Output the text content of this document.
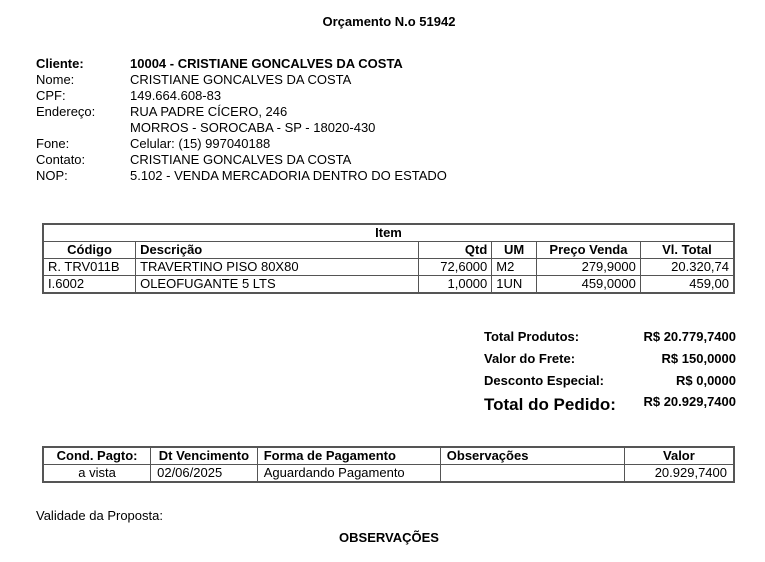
Orçamento N.o 51942
Cliente:	10004 - CRISTIANE GONCALVES DA COSTA
Nome:	CRISTIANE GONCALVES DA COSTA
CPF:	149.664.608-83
Endereço:	RUA PADRE CÍCERO, 246
MORROS - SOROCABA - SP - 18020-430
Fone:	Celular: (15) 997040188
Contato:	CRISTIANE GONCALVES DA COSTA
NOP:	5.102 - VENDA MERCADORIA DENTRO DO ESTADO
Item					
Código	Descrição	Qtd	UM	Preço Venda	Vl. Total
R. TRV011B	TRAVERTINO PISO 80X80	72,6000	M2	279,9000	20.320,74
I.6002	OLEOFUGANTE 5 LTS	1,0000	1UN	459,0000	459,00
Total Produtos:	R$ 20.779,7400
Valor do Frete:	R$ 150,0000
Desconto Especial:	R$ 0,0000
Total do Pedido: R$ 20.929,7400
Cond. Pagto:	Dt Vencimento	Forma de Pagamento	Observações	Valor
a vista	02/06/2025	Aguardando Pagamento		20.929,7400
Validade da Proposta:
OBSERVAÇÕES
